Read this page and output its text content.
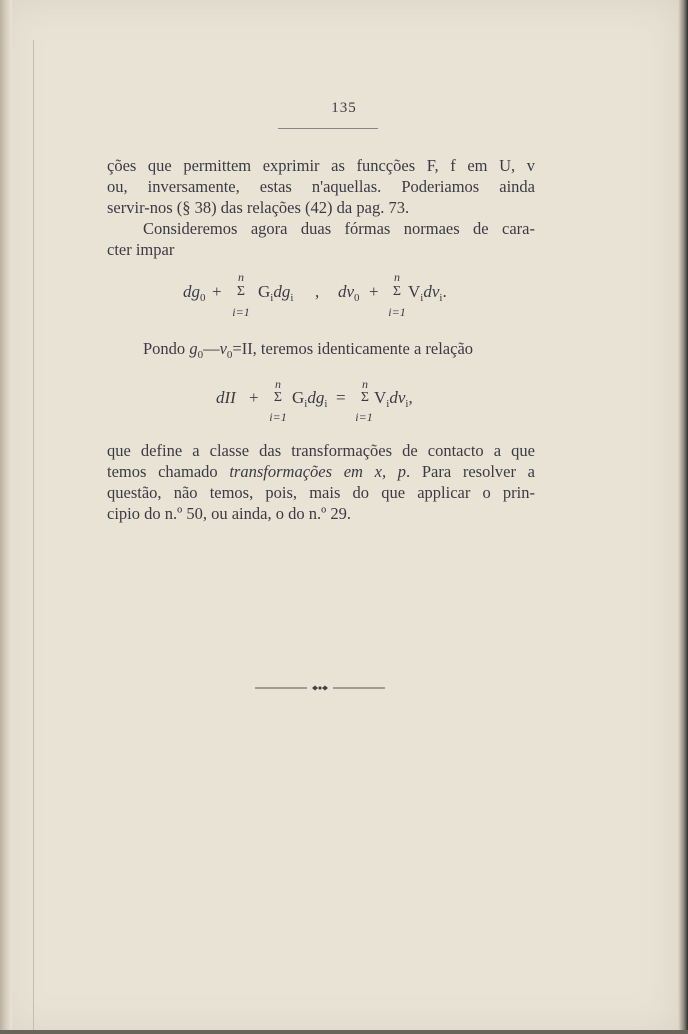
135
ções que permittem exprimir as funcções F, f em U, v
ou, inversamente, estas n'aquellas. Poderiamos ainda
servir-nos (§ 38) das relações (42) da pag. 73.
Consideremos agora duas fórmas normaes de cara-
cter impar
$dg_0$ +
n
Σ
i=1
$G_idg_i$ , $dv_0$ +
n
Σ
i=1
$V_idv_i$.
Pondo $g_0—v_0=II$, teremos identicamente a relação
dII +
n
Σ
i=1
$G_idg_i$ =
n
Σ
i=1
$V_idv_i$,
que define a classe das transformações de contacto a que
temos chamado transformações em x, p. Para resolver a
questão, não temos, pois, mais do que applicar o prin-
cipio do n.º 50, ou ainda, o do n.º 29.
